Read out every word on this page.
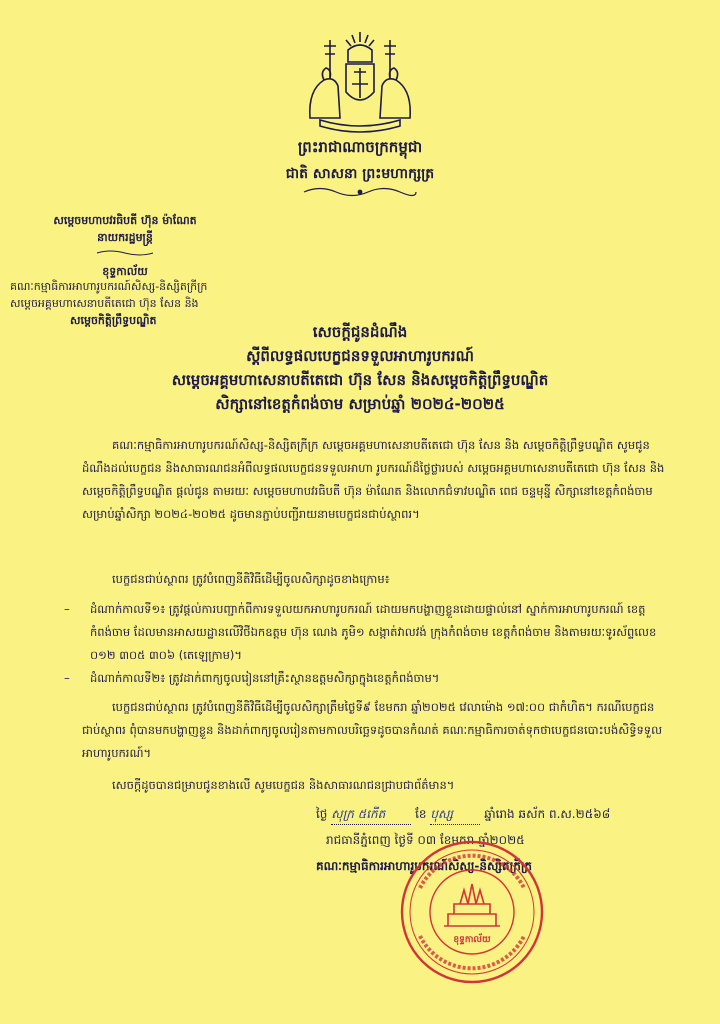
ព្រះរាជាណាចក្រកម្ពុជា
ជាតិ សាសនា ព្រះមហាក្សត្រ
សម្ដេចមហាបវរធិបតី ហ៊ុន ម៉ាណែត
នាយករដ្ឋមន្ត្រី
ខុទ្ទកាល័យ
គណៈកម្មាធិការអាហារូបករណ៍សិស្ស-និស្សិតក្រីក្រ
សម្ដេចអគ្គមហាសេនាបតីតេជោ ហ៊ុន សែន និង
សម្ដេចកិត្តិព្រឹទ្ធបណ្ឌិត
សេចក្ដីជូនដំណឹង
ស្ដីពីលទ្ធផលបេក្ខជនទទួលអាហារូបករណ៍
សម្ដេចអគ្គមហាសេនាបតីតេជោ ហ៊ុន សែន និងសម្ដេចកិត្តិព្រឹទ្ធបណ្ឌិត
សិក្សានៅខេត្តកំពង់ចាម សម្រាប់ឆ្នាំ ២០២៤-២០២៥

គណៈកម្មាធិការអាហារូបករណ៍សិស្ស-និស្សិតក្រីក្រ សម្ដេចអគ្គមហាសេនាបតីតេជោ ហ៊ុន សែន និង សម្ដេចកិត្តិព្រឹទ្ធបណ្ឌិត សូមជូនដំណឹងដល់បេក្ខជន និងសាធារណជនអំពីលទ្ធផលបេក្ខជនទទួលអាហា រូបករណ៍ដ៏ថ្លៃថ្លារបស់ សម្ដេចអគ្គមហាសេនាបតីតេជោ ហ៊ុន សែន និងសម្ដេចកិត្តិព្រឹទ្ធបណ្ឌិត ផ្ដល់ជូន តាមរយៈ សម្ដេចមហាបវរធិបតី ហ៊ុន ម៉ាណែត និងលោកជំទាវបណ្ឌិត ពេជ ចន្ទមុន្នី សិក្សានៅខេត្តកំពង់ចាម សម្រាប់ឆ្នាំសិក្សា ២០២៤-២០២៥ ដូចមានភ្ជាប់បញ្ជីរាយនាមបេក្ខជនជាប់ស្ថាពរ។

បេក្ខជនជាប់ស្ថាពរ ត្រូវបំពេញនីតិវិធីដើម្បីចូលសិក្សាដូចខាងក្រោម៖

– ដំណាក់កាលទី១៖ ត្រូវផ្ដល់ការបញ្ជាក់ពីការទទួលយកអាហារូបករណ៍ ដោយមកបង្ហាញខ្លួនដោយផ្ទាល់នៅ ស្នាក់ការអាហារូបករណ៍ ខេត្តកំពង់ចាម ដែលមានអាសយដ្ឋានលើវិថីឯកឧត្ដម ហ៊ុន ណេង ភូមិ១ សង្កាត់វាលវង់ ក្រុងកំពង់ចាម ខេត្តកំពង់ចាម និងតាមរយៈទូរស័ព្ទលេខ ០១២ ៣០៥ ៣០៦ (តេឡេក្រាម)។
– ដំណាក់កាលទី២៖ ត្រូវដាក់ពាក្យចូលរៀននៅគ្រឹះស្ថានឧត្ដមសិក្សាក្នុងខេត្តកំពង់ចាម។

បេក្ខជនជាប់ស្ថាពរ ត្រូវបំពេញនីតិវិធីដើម្បីចូលសិក្សាត្រឹមថ្ងៃទី៩ ខែមករា ឆ្នាំ២០២៥ វេលាម៉ោង ១៧:០០ ជាកំហិត។ ករណីបេក្ខជនជាប់ស្ថាពរ ពុំបានមកបង្ហាញខ្លួន និងដាក់ពាក្យចូលរៀនតាមកាលបរិច្ឆេទដូចបានកំណត់ គណៈកម្មាធិការចាត់ទុកថាបេក្ខជនបោះបង់សិទ្ធិទទួលអាហារូបករណ៍។

សេចក្ដីដូចបានជម្រាបជូនខាងលើ សូមបេក្ខជន និងសាធារណជនជ្រាបជាព័ត៌មាន។

ថ្ងៃ សុក្រ ៥កើត ខែ បុស្ស	ឆ្នាំរោង ឆស័ក ព.ស.២៥៦៨
រាជធានីភ្នំពេញ ថ្ងៃទី ០៣ ខែមករា ឆ្នាំ២០២៥
គណៈកម្មាធិការអាហារូបករណ៍សិស្ស-និស្សិតក្រីក្រ
ខុទ្ទកាល័យ
